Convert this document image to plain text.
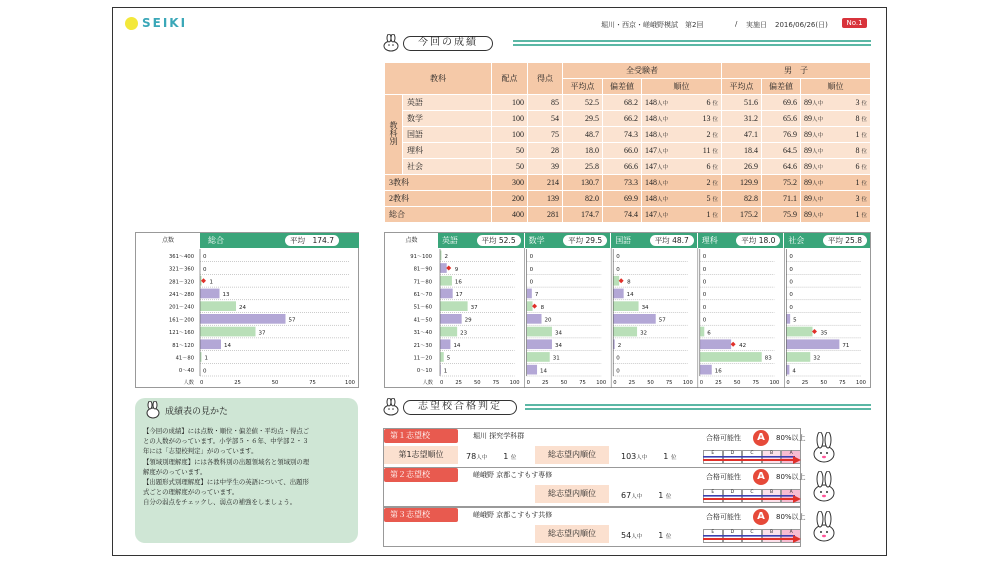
SEIKI	堀川・西京・嵯峨野模試　第2回	/ 実施日 2016/06/26(日)	No.1
今回の成績
教科		配点	得点	全受験者			男　子		
				平均点	偏差値	順位	平均点	偏差値	順位
教科別	英語	100	85	52.5	68.2	148人中 6 位	51.6	69.6	89人中 3 位

	数学	100	54	29.5	66.2	148人中 13 位	31.2	65.6	89人中 8 位

	国語	100	75	48.7	74.3	148人中 2 位	47.1	76.9	89人中 1 位

	理科	50	28	18.0	66.0	147人中 11 位	18.4	64.5	89人中 8 位

	社会	50	39	25.8	66.6	147人中 6 位	26.9	64.6	89人中 6 位

3教科		300	214	130.7	73.3	148人中 2 位	129.9	75.2	89人中 1 位

2教科		200	139	82.0	69.9	148人中 5 位	82.8	71.1	89人中 3 位

総合		400	281	174.7	74.4	147人中 1 位	175.2	75.9	89人中 1 位
点数	総合	平均　 174.7
361～400 0
321～360 0
281～320	1
241～280	13
201～240	24
161～200	57
121～160	37
81～120	14
41～80 1
0～40 0
0	25	50	75	100
人数
点数	英語	平均 52.5	数学	平均 29.5	国語	平均 48.7	理科	平均 18.0	社会	平均 25.8
91～100 2
81～90	9
71～80	16
61～70	17
51～60	37
41～50	29
31～40	23
21～30	14
11～20	5
0～10 1
0 25 50 75 100
0
0
0
7
8
20
34
34
31
14
0 25 50 75 100
0
0
8
14
34
57
32
2
0
0
0 25 50 75 100
0
0
0
0
0
0
6
42
83
16
0 25 50 75 100
0
0
0
0
0
5
35
71
32
4
0 25 50 75 100
人数
成績表の見かた
【今回の成績】には点数・順位・偏差値・平均点・得点ご
との人数がのっています。小学部５・６年、中学部２・３
年には「志望校判定」がのっています。
【領域別理解度】には各教科別の出題領域名と領域別の理
解度がのっています。
【出題形式別理解度】には中学生の英語について、出題形
式ごとの理解度がのっています。
自分の弱点をチェックし、弱点の補強をしましょう。
志望校合格判定
第１志望校	堀川 探究学科群
第1志望順位	78人中　　 1 位	総志望内順位	103人中　　 1 位
合格可能性	A	80%以上
E	D	C	B	A
第２志望校	嵯峨野 京都こすもす専修
総志望内順位	67人中　　 1 位
合格可能性	A	80%以上
E	D	C	B	A
第３志望校	嵯峨野 京都こすもす共修
総志望内順位	54人中　　 1 位
合格可能性	A	80%以上
E	D	C	B	A
